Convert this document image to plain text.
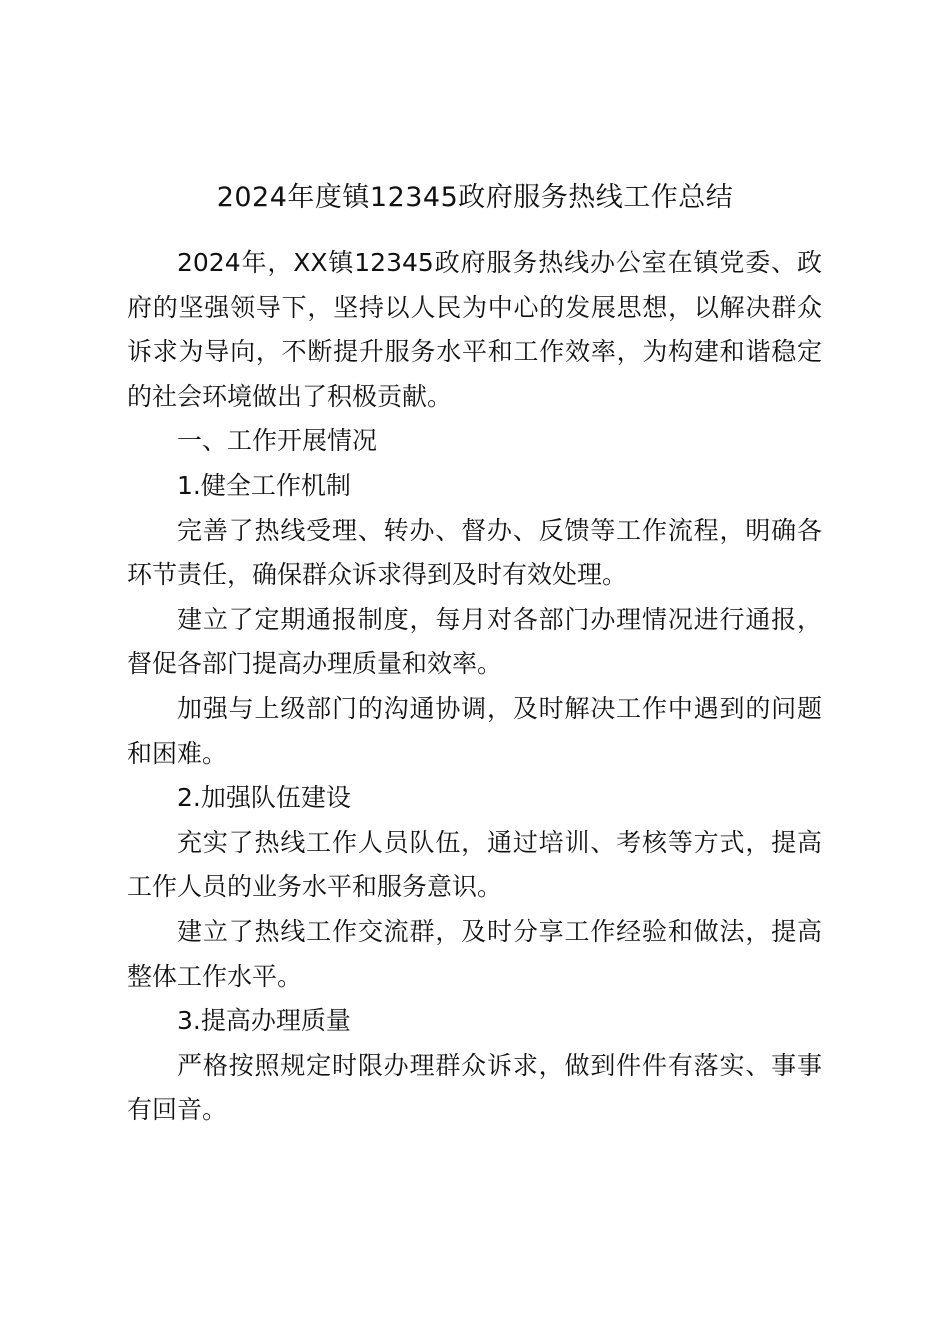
2024年度镇12345政府服务热线工作总结

2024年，XX镇12345政府服务热线办公室在镇党委、政府的坚强领导下，坚持以人民为中心的发展思想，以解决群众诉求为导向，不断提升服务水平和工作效率，为构建和谐稳定的社会环境做出了积极贡献。

一、工作开展情况

1.健全工作机制

完善了热线受理、转办、督办、反馈等工作流程，明确各环节责任，确保群众诉求得到及时有效处理。

建立了定期通报制度，每月对各部门办理情况进行通报，督促各部门提高办理质量和效率。

加强与上级部门的沟通协调，及时解决工作中遇到的问题和困难。

2.加强队伍建设

充实了热线工作人员队伍，通过培训、考核等方式，提高工作人员的业务水平和服务意识。

建立了热线工作交流群，及时分享工作经验和做法，提高整体工作水平。

3.提高办理质量

严格按照规定时限办理群众诉求，做到件件有落实、事事有回音。
